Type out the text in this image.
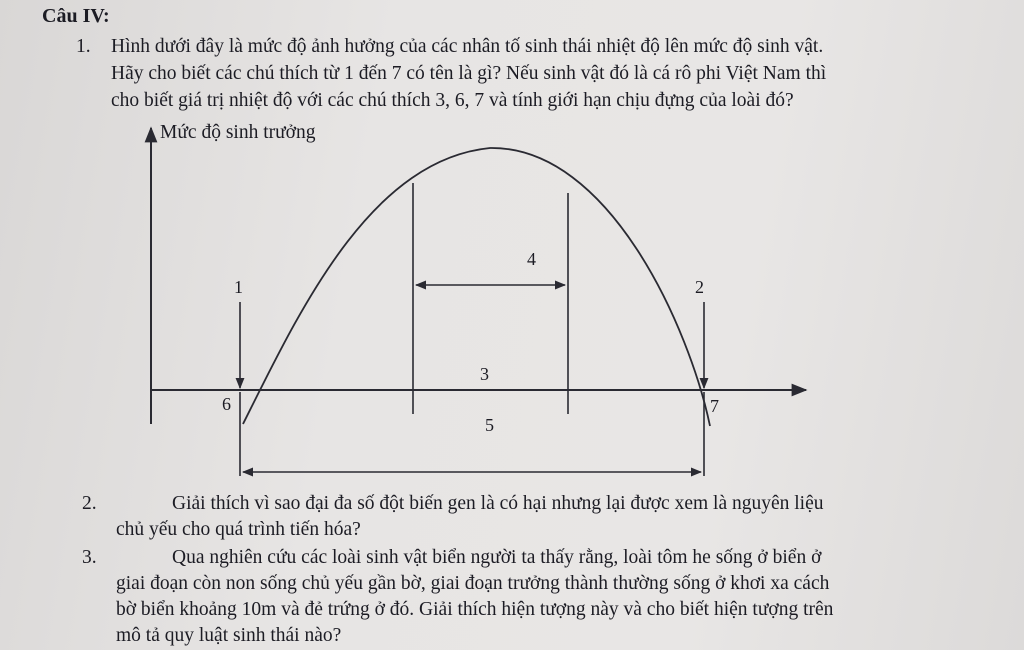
Câu IV:
1. Hình dưới đây là mức độ ảnh hưởng của các nhân tố sinh thái nhiệt độ lên mức độ sinh vật.
Hãy cho biết các chú thích từ 1 đến 7 có tên là gì? Nếu sinh vật đó là cá rô phi Việt Nam thì
cho biết giá trị nhiệt độ với các chú thích 3, 6, 7 và tính giới hạn chịu đựng của loài đó?
Mức độ sinh trưởng
1	2
3
4
5
6	7
2.	Giải thích vì sao đại đa số đột biến gen là có hại nhưng lại được xem là nguyên liệu
chủ yếu cho quá trình tiến hóa?
3.	Qua nghiên cứu các loài sinh vật biển người ta thấy rằng, loài tôm he sống ở biển ở
giai đoạn còn non sống chủ yếu gần bờ, giai đoạn trưởng thành thường sống ở khơi xa cách
bờ biển khoảng 10m và đẻ trứng ở đó. Giải thích hiện tượng này và cho biết hiện tượng trên
mô tả quy luật sinh thái nào?
